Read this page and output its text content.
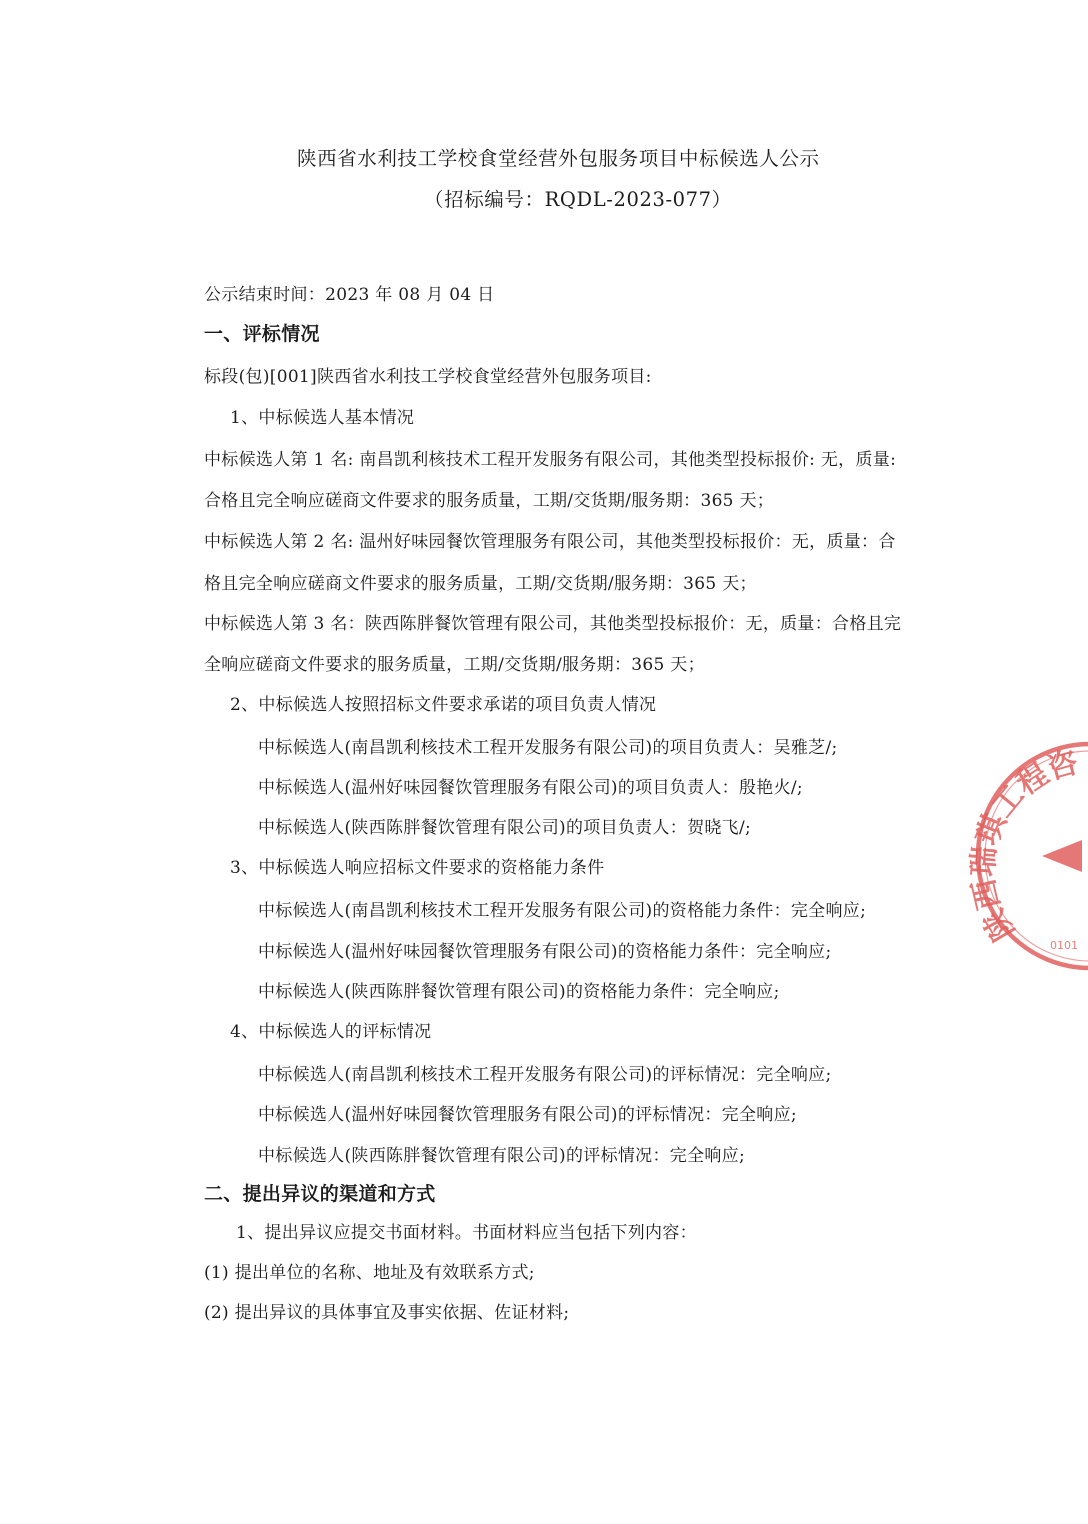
陕西省水利技工学校食堂经营外包服务项目中标候选人公示
（招标编号：RQDL-2023-077）
公示结束时间：2023 年 08 月 04 日
一、评标情况
标段(包)[001]陕西省水利技工学校食堂经营外包服务项目:
1、中标候选人基本情况
中标候选人第 1 名: 南昌凯利核技术工程开发服务有限公司，其他类型投标报价: 无，质量:
合格且完全响应磋商文件要求的服务质量，工期/交货期/服务期：365 天；
中标候选人第 2 名: 温州好味园餐饮管理服务有限公司，其他类型投标报价：无，质量：合
格且完全响应磋商文件要求的服务质量，工期/交货期/服务期：365 天；
中标候选人第 3 名：陕西陈胖餐饮管理有限公司，其他类型投标报价：无，质量：合格且完
全响应磋商文件要求的服务质量，工期/交货期/服务期：365 天；
2、中标候选人按照招标文件要求承诺的项目负责人情况
中标候选人(南昌凯利核技术工程开发服务有限公司)的项目负责人：吴雅芝/;
中标候选人(温州好味园餐饮管理服务有限公司)的项目负责人：殷艳火/;
中标候选人(陕西陈胖餐饮管理有限公司)的项目负责人：贺晓飞/;
3、中标候选人响应招标文件要求的资格能力条件
中标候选人(南昌凯利核技术工程开发服务有限公司)的资格能力条件：完全响应;
中标候选人(温州好味园餐饮管理服务有限公司)的资格能力条件：完全响应;
中标候选人(陕西陈胖餐饮管理有限公司)的资格能力条件：完全响应;
4、中标候选人的评标情况
中标候选人(南昌凯利核技术工程开发服务有限公司)的评标情况：完全响应;
中标候选人(温州好味园餐饮管理服务有限公司)的评标情况：完全响应;
中标候选人(陕西陈胖餐饮管理有限公司)的评标情况：完全响应;
二、提出异议的渠道和方式
1、提出异议应提交书面材料。书面材料应当包括下列内容：
(1) 提出单位的名称、地址及有效联系方式;
(2) 提出异议的具体事宜及事实依据、佐证材料;
陕西瑞琪工程咨
0101
